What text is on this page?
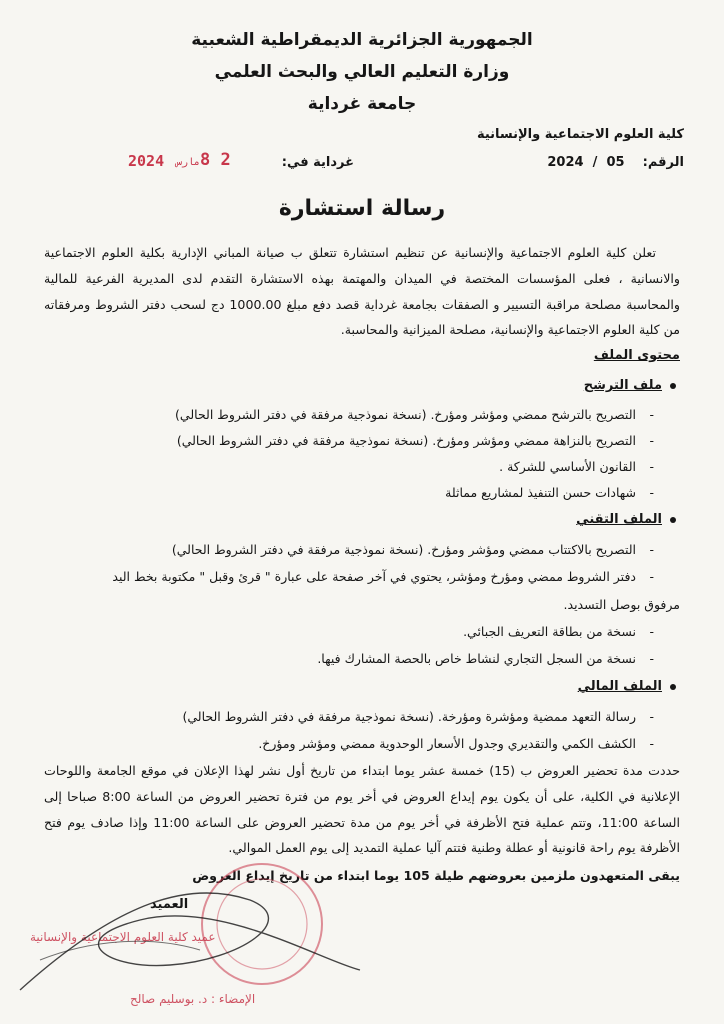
الجمهورية الجزائرية الديمقراطية الشعبية
وزارة التعليم العالي والبحث العلمي
جامعة غرداية
كلية العلوم الاجتماعية والإنسانية
الرقم:    05  /  2024
غرداية في:
2 8
مارس
2024
رسالة استشارة
تعلن كلية العلوم الاجتماعية والإنسانية عن تنظيم استشارة تتعلق ب صيانة المباني الإدارية بكلية العلوم الاجتماعية والانسانية ، فعلى المؤسسات المختصة في الميدان والمهتمة بهذه الاستشارة التقدم لدى المديرية الفرعية للمالية والمحاسبة مصلحة مراقبة التسيير و الصفقات بجامعة غرداية قصد دفع مبلغ 1000.00 دج لسحب دفتر الشروط ومرفقاته من كلية العلوم الاجتماعية والإنسانية، مصلحة الميزانية والمحاسبة.
محتوى الملف
ملف الترشح
-التصريح بالترشح ممضي ومؤشر ومؤرخ. (نسخة نموذجية مرفقة في دفتر الشروط الحالي)
-التصريح بالنزاهة ممضي ومؤشر ومؤرخ. (نسخة نموذجية مرفقة في دفتر الشروط الحالي)
-القانون الأساسي للشركة .
-شهادات حسن التنفيذ لمشاريع مماثلة
الملف التقني
-التصريح بالاكتتاب ممضي ومؤشر ومؤرخ. (نسخة نموذجية مرفقة في دفتر الشروط الحالي)
-دفتر الشروط ممضي ومؤرخ ومؤشر، يحتوي في آخر صفحة على عبارة " قرئ وقبل " مكتوبة بخط اليد
مرفوق بوصل التسديد.
-نسخة من بطاقة التعريف الجبائي.
-نسخة من السجل التجاري لنشاط خاص بالحصة المشارك فيها.
الملف المالي
-رسالة التعهد ممضية ومؤشرة ومؤرخة. (نسخة نموذجية مرفقة في دفتر الشروط الحالي)
-الكشف الكمي والتقديري وجدول الأسعار الوحدوية ممضي ومؤشر ومؤرخ.
حددت مدة تحضير العروض ب (15) خمسة عشر يوما ابتداء من تاريخ أول نشر لهذا الإعلان في موقع الجامعة واللوحات الإعلانية في الكلية، على أن يكون يوم إيداع العروض في أخر يوم من فترة تحضير العروض من الساعة 8:00 صباحا إلى الساعة 11:00، وتتم عملية فتح الأظرفة في أخر يوم من مدة تحضير العروض على الساعة 11:00 وإذا صادف يوم فتح الأظرفة يوم راحة قانونية أو عطلة وطنية فتتم آليا عملية التمديد إلى يوم العمل الموالي.
يبقى المتعهدون ملزمين بعروضهم طيلة 105 يوما ابتداء من تاريخ إيداع العروض
العميد
عميد كلية العلوم الاجتماعية والإنسانية
الإمضاء : د. بوسليم صالح
